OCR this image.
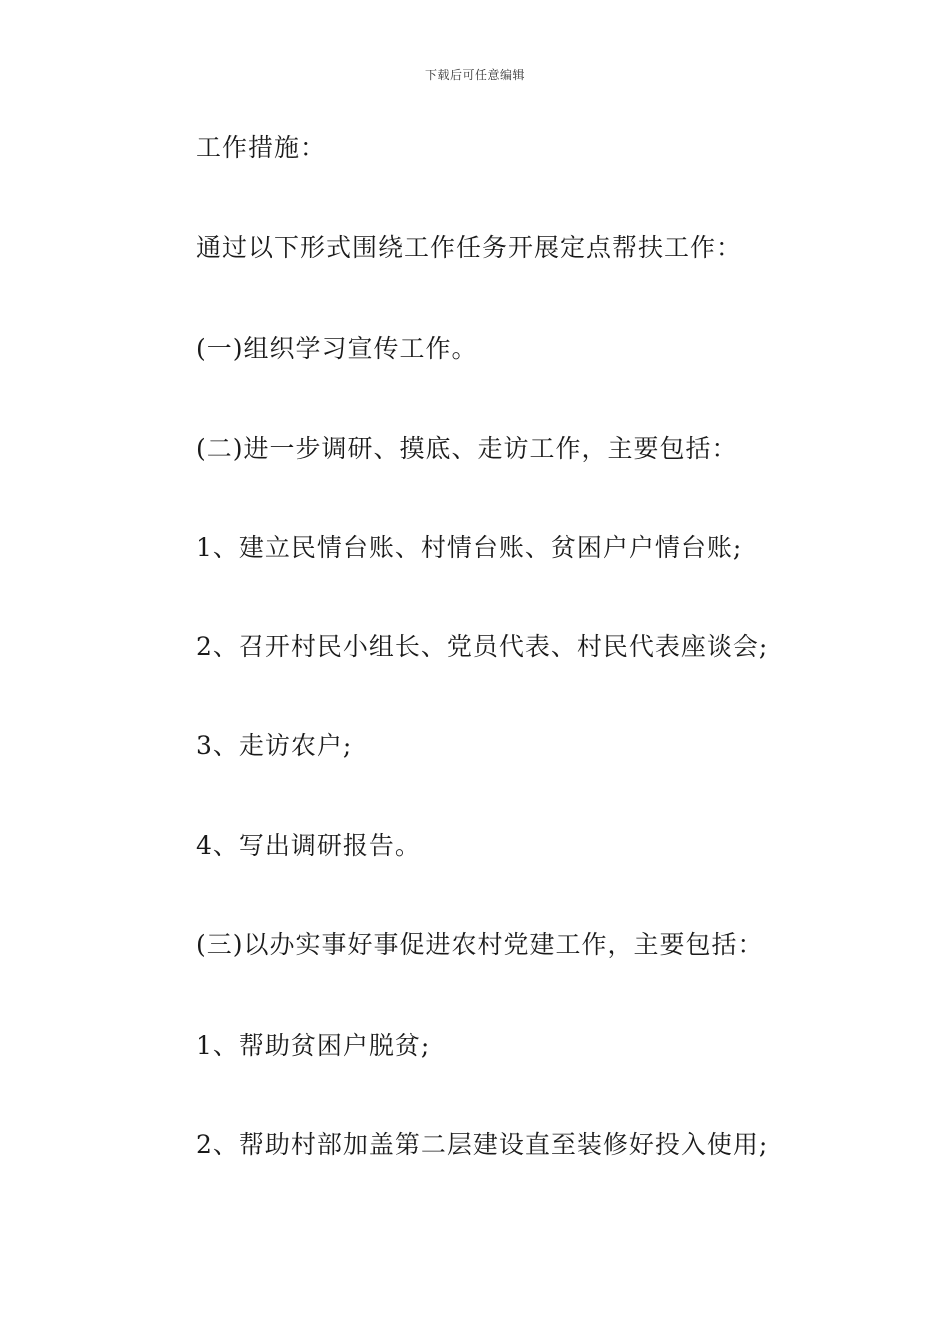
下载后可任意编辑
工作措施：
通过以下形式围绕工作任务开展定点帮扶工作：
(一)组织学习宣传工作。
(二)进一步调研、摸底、走访工作，主要包括：
1、建立民情台账、村情台账、贫困户户情台账;
2、召开村民小组长、党员代表、村民代表座谈会;
3、走访农户;
4、写出调研报告。
(三)以办实事好事促进农村党建工作，主要包括：
1、帮助贫困户脱贫;
2、帮助村部加盖第二层建设直至装修好投入使用;
